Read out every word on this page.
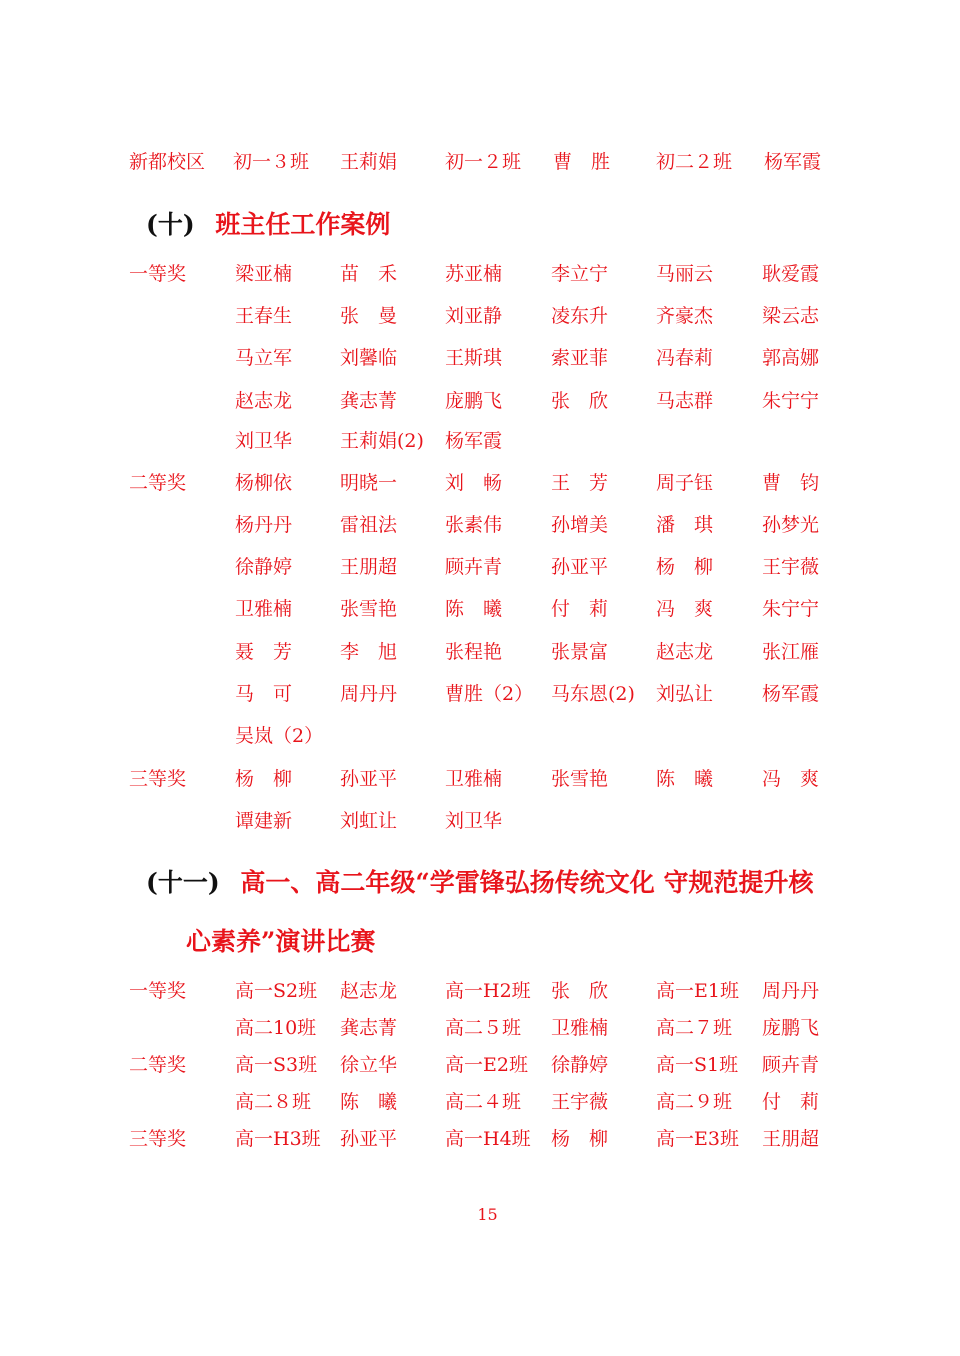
新都校区 初一３班 王莉娟	初一２班 曹　胜 初二２班 杨军霞
(十) 班主任工作案例
一等奖	梁亚楠	苗　禾	苏亚楠	李立宁	马丽云	耿爱霞
王春生	张　曼	刘亚静	凌东升	齐豪杰	梁云志
马立军	刘馨临	王斯琪	索亚菲	冯春莉	郭高娜
赵志龙	龚志菁	庞鹏飞	张　欣	马志群	朱宁宁
刘卫华	王莉娟(2) 杨军霞
二等奖	杨柳依	明晓一	刘　畅	王　芳	周子钰	曹　钧
杨丹丹	雷祖法	张素伟	孙增美	潘　琪	孙梦光
徐静婷	王朋超	顾卉青	孙亚平	杨　柳	王宇薇
卫雅楠	张雪艳	陈　曦	付　莉	冯　爽	朱宁宁
聂　芳	李　旭	张程艳	张景富	赵志龙	张江雁
马　可	周丹丹	曹胜（2） 马东恩(2) 刘弘让	杨军霞
吴岚（2）
三等奖	杨　柳	孙亚平	卫雅楠	张雪艳	陈　曦	冯　爽
谭建新	刘虹让	刘卫华
(十一) 高一、高二年级“学雷锋弘扬传统文化 守规范提升核
心素养”演讲比赛
一等奖	高一S2班 赵志龙	高一H2班 张　欣	高一E1班 周丹丹
高二10班 龚志菁	高二５班 卫雅楠	高二７班 庞鹏飞
二等奖	高一S3班 徐立华	高一E2班 徐静婷	高一S1班 顾卉青
高二８班 陈　曦	高二４班 王宇薇	高二９班 付　莉
三等奖	高一H3班 孙亚平	高一H4班 杨　柳	高一E3班 王朋超
15
